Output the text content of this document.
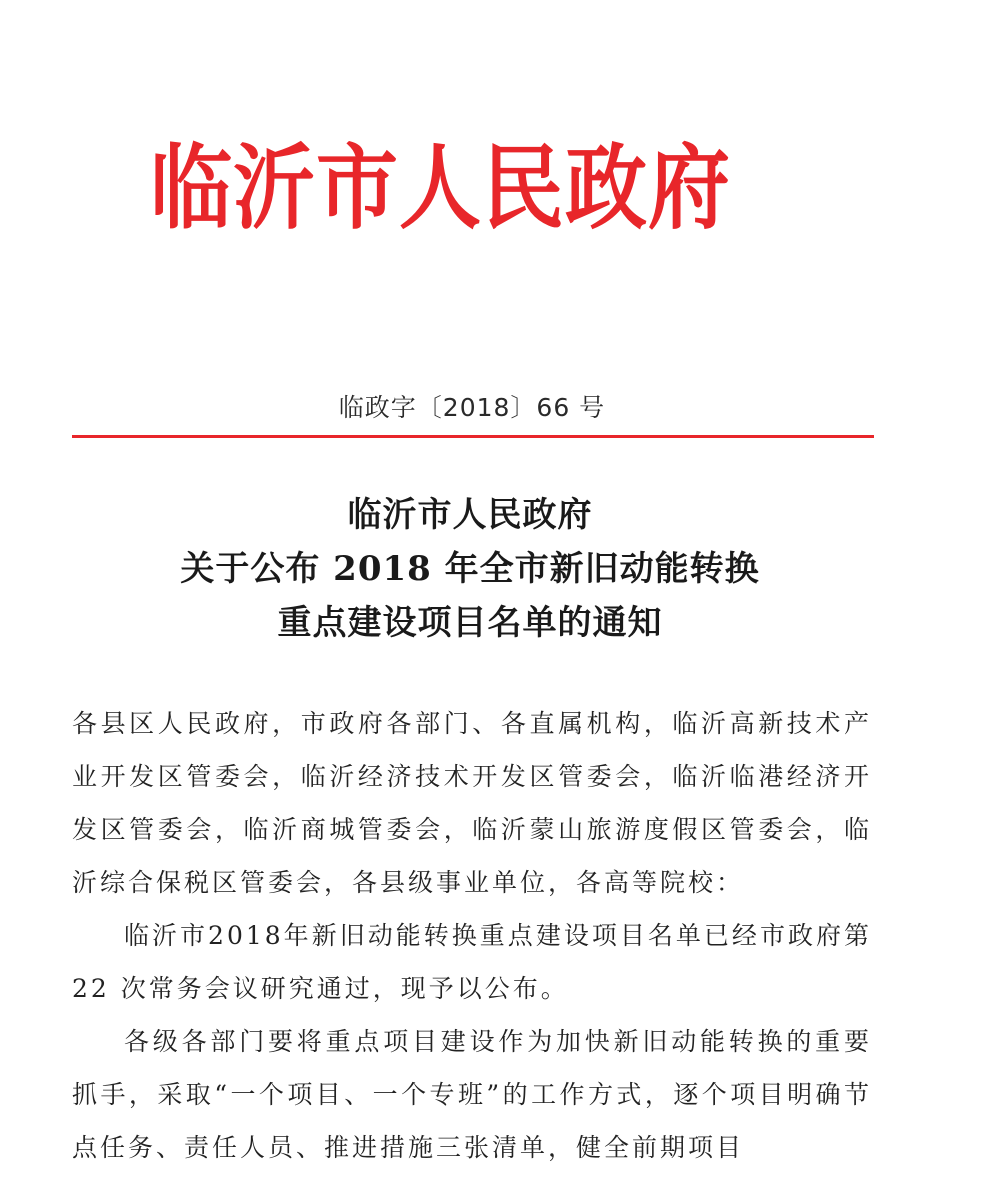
临沂市人民政府
临政字〔2018〕66 号
临沂市人民政府
关于公布 2018 年全市新旧动能转换
重点建设项目名单的通知

各县区人民政府，市政府各部门、各直属机构，临沂高新技术产业开发区管委会，临沂经济技术开发区管委会，临沂临港经济开发区管委会，临沂商城管委会，临沂蒙山旅游度假区管委会，临沂综合保税区管委会，各县级事业单位，各高等院校：

临沂市2018年新旧动能转换重点建设项目名单已经市政府第 22 次常务会议研究通过，现予以公布。

各级各部门要将重点项目建设作为加快新旧动能转换的重要抓手，采取“一个项目、一个专班”的工作方式，逐个项目明确节点任务、责任人员、推进措施三张清单，健全前期项目
